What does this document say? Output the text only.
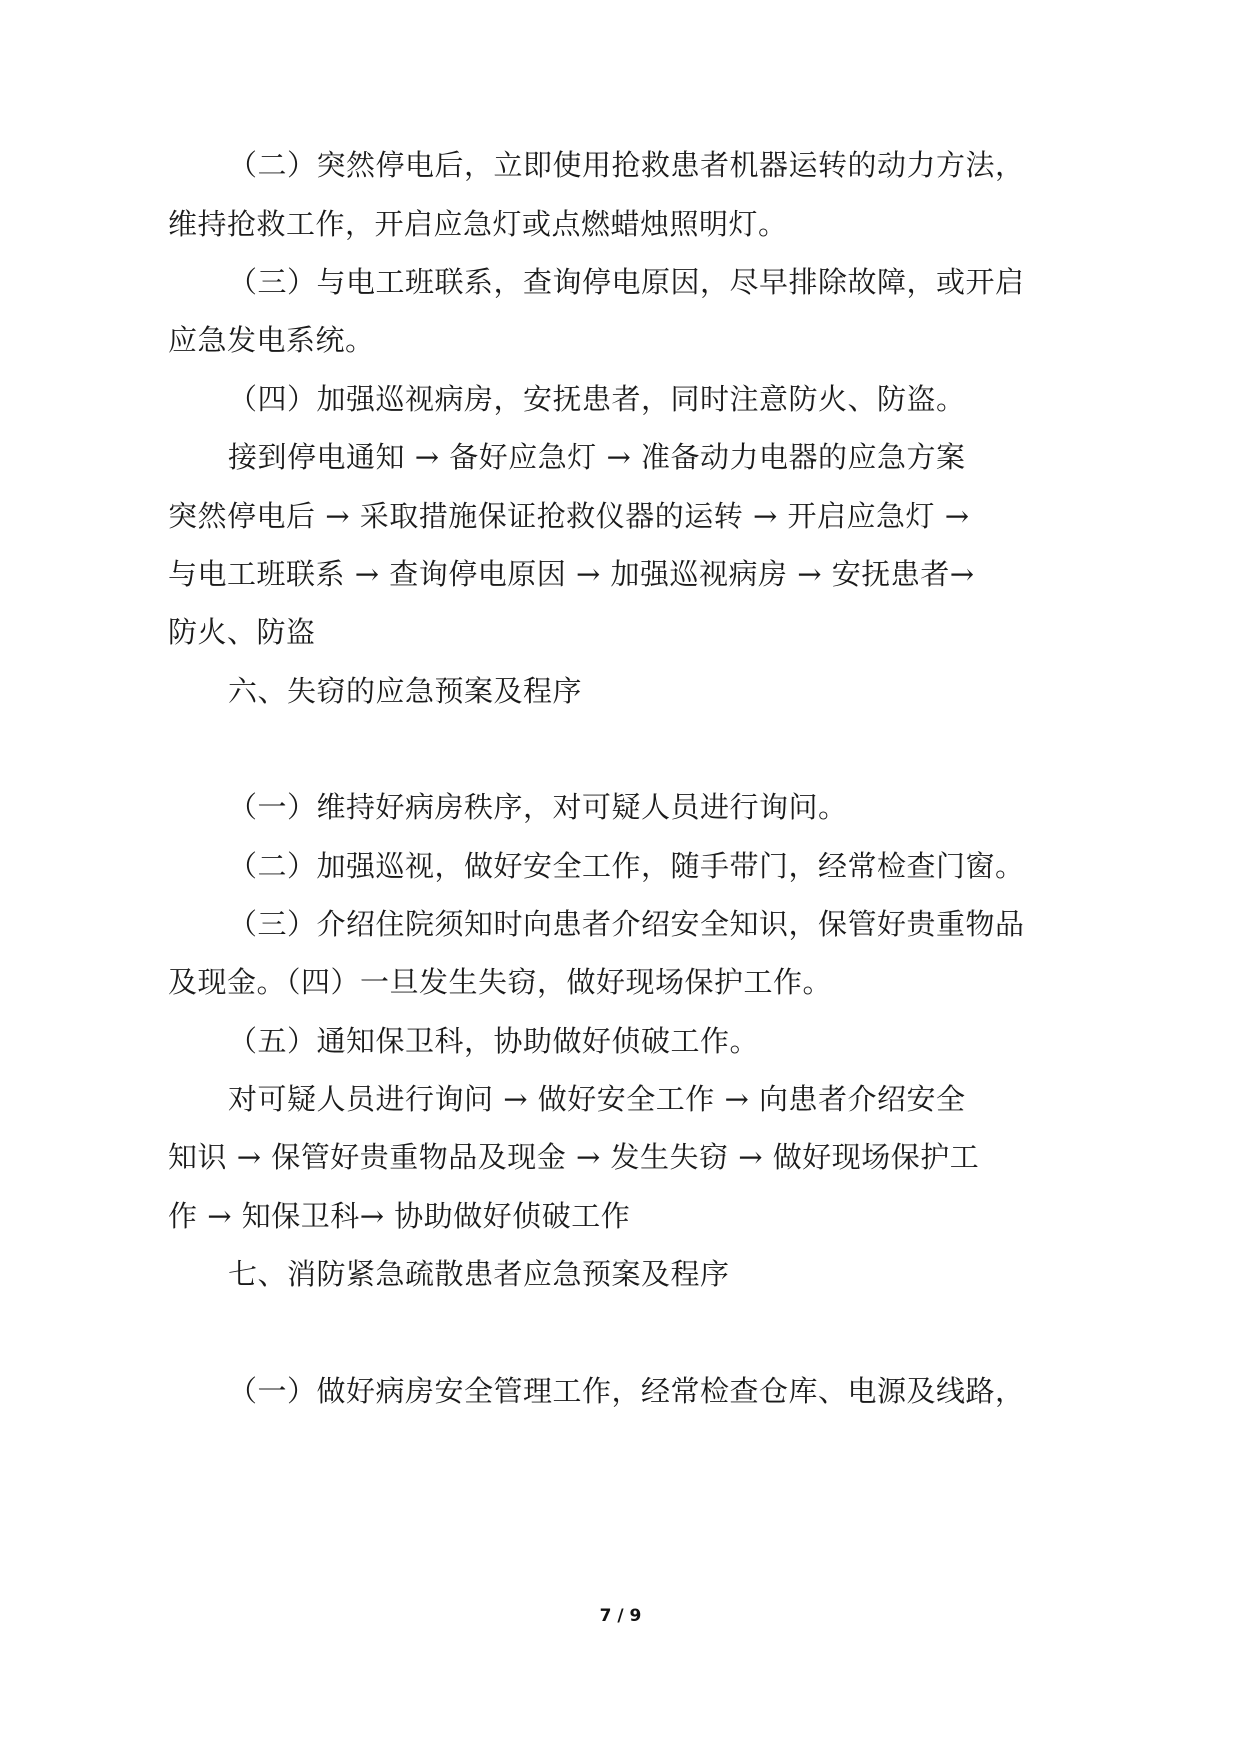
（二）突然停电后，立即使用抢救患者机器运转的动力方法，
维持抢救工作，开启应急灯或点燃蜡烛照明灯。
（三）与电工班联系，查询停电原因，尽早排除故障，或开启
应急发电系统。
（四）加强巡视病房，安抚患者，同时注意防火、防盗。
接到停电通知 → 备好应急灯 → 准备动力电器的应急方案
突然停电后 → 采取措施保证抢救仪器的运转 → 开启应急灯 →
与电工班联系 → 查询停电原因 → 加强巡视病房 → 安抚患者→
防火、防盗
六、失窃的应急预案及程序
（一）维持好病房秩序，对可疑人员进行询问。
（二）加强巡视，做好安全工作，随手带门，经常检查门窗。
（三）介绍住院须知时向患者介绍安全知识，保管好贵重物品
及现金。（四）一旦发生失窃，做好现场保护工作。
（五）通知保卫科，协助做好侦破工作。
对可疑人员进行询问 → 做好安全工作 → 向患者介绍安全
知识 → 保管好贵重物品及现金 → 发生失窃 → 做好现场保护工
作 → 知保卫科→ 协助做好侦破工作
七、消防紧急疏散患者应急预案及程序
（一）做好病房安全管理工作，经常检查仓库、电源及线路，
7 / 9
